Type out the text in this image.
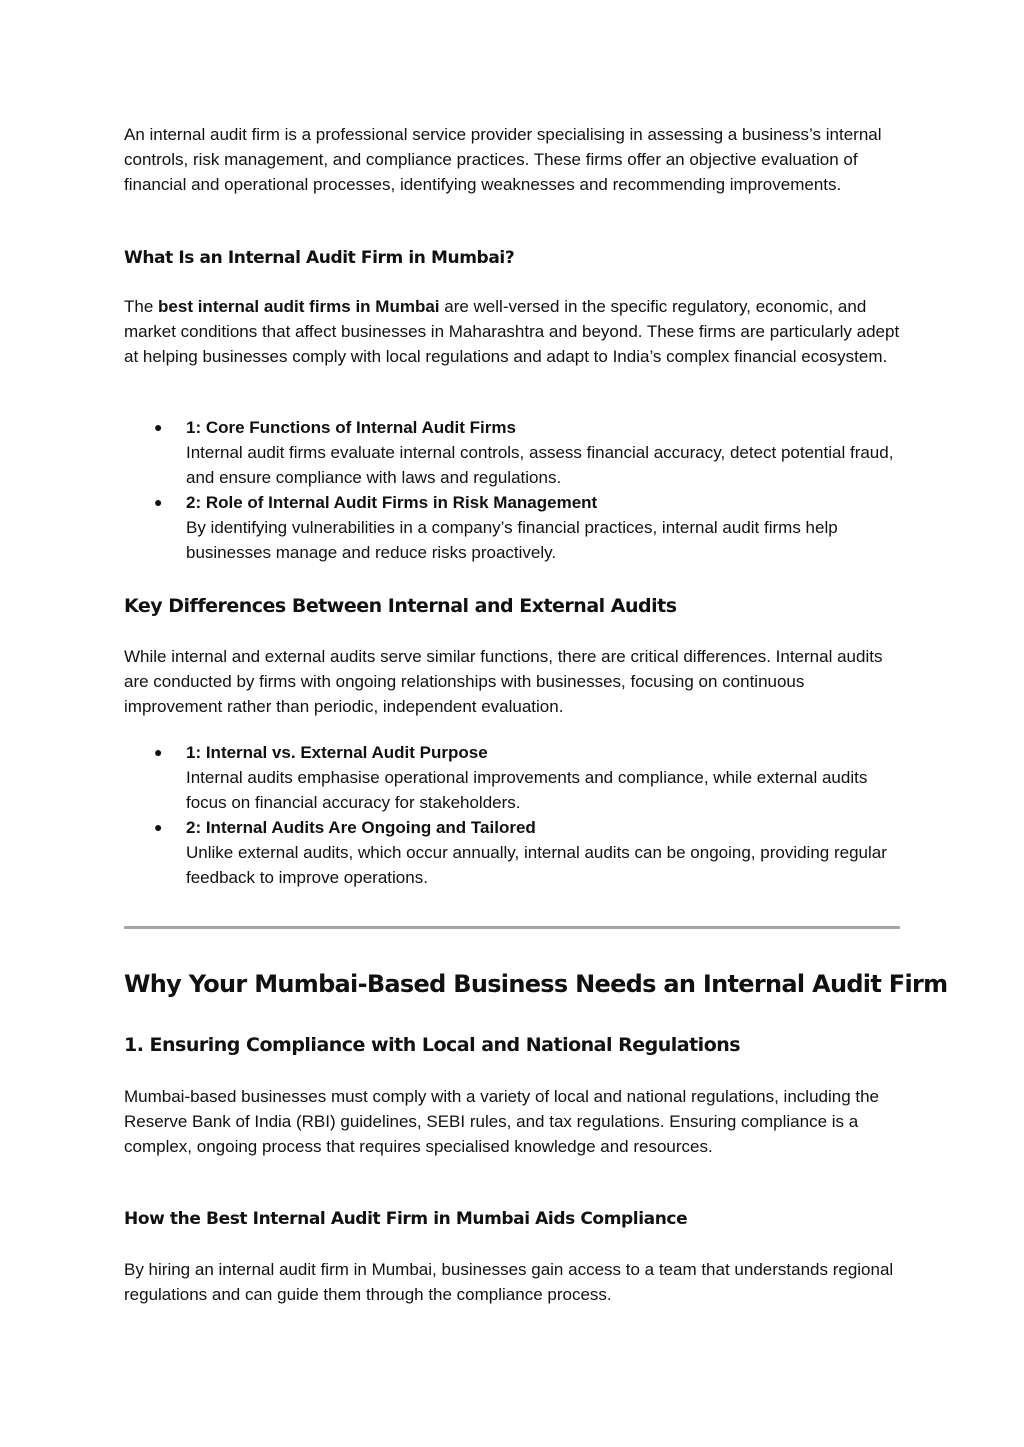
An internal audit firm is a professional service provider specialising in assessing a business’s internal controls, risk management, and compliance practices. These firms offer an objective evaluation of financial and operational processes, identifying weaknesses and recommending improvements.

What Is an Internal Audit Firm in Mumbai?

The best internal audit firms in Mumbai are well-versed in the specific regulatory, economic, and market conditions that affect businesses in Maharashtra and beyond. These firms are particularly adept at helping businesses comply with local regulations and adapt to India’s complex financial ecosystem.

● 1: Core Functions of Internal Audit Firms
Internal audit firms evaluate internal controls, assess financial accuracy, detect potential fraud, and ensure compliance with laws and regulations.
● 2: Role of Internal Audit Firms in Risk Management
By identifying vulnerabilities in a company’s financial practices, internal audit firms help businesses manage and reduce risks proactively.
Key Differences Between Internal and External Audits

While internal and external audits serve similar functions, there are critical differences. Internal audits are conducted by firms with ongoing relationships with businesses, focusing on continuous improvement rather than periodic, independent evaluation.

● 1: Internal vs. External Audit Purpose
Internal audits emphasise operational improvements and compliance, while external audits focus on financial accuracy for stakeholders.
● 2: Internal Audits Are Ongoing and Tailored
Unlike external audits, which occur annually, internal audits can be ongoing, providing regular feedback to improve operations.
Why Your Mumbai-Based Business Needs an Internal Audit Firm
1. Ensuring Compliance with Local and National Regulations

Mumbai-based businesses must comply with a variety of local and national regulations, including the Reserve Bank of India (RBI) guidelines, SEBI rules, and tax regulations. Ensuring compliance is a complex, ongoing process that requires specialised knowledge and resources.

How the Best Internal Audit Firm in Mumbai Aids Compliance

By hiring an internal audit firm in Mumbai, businesses gain access to a team that understands regional regulations and can guide them through the compliance process.
